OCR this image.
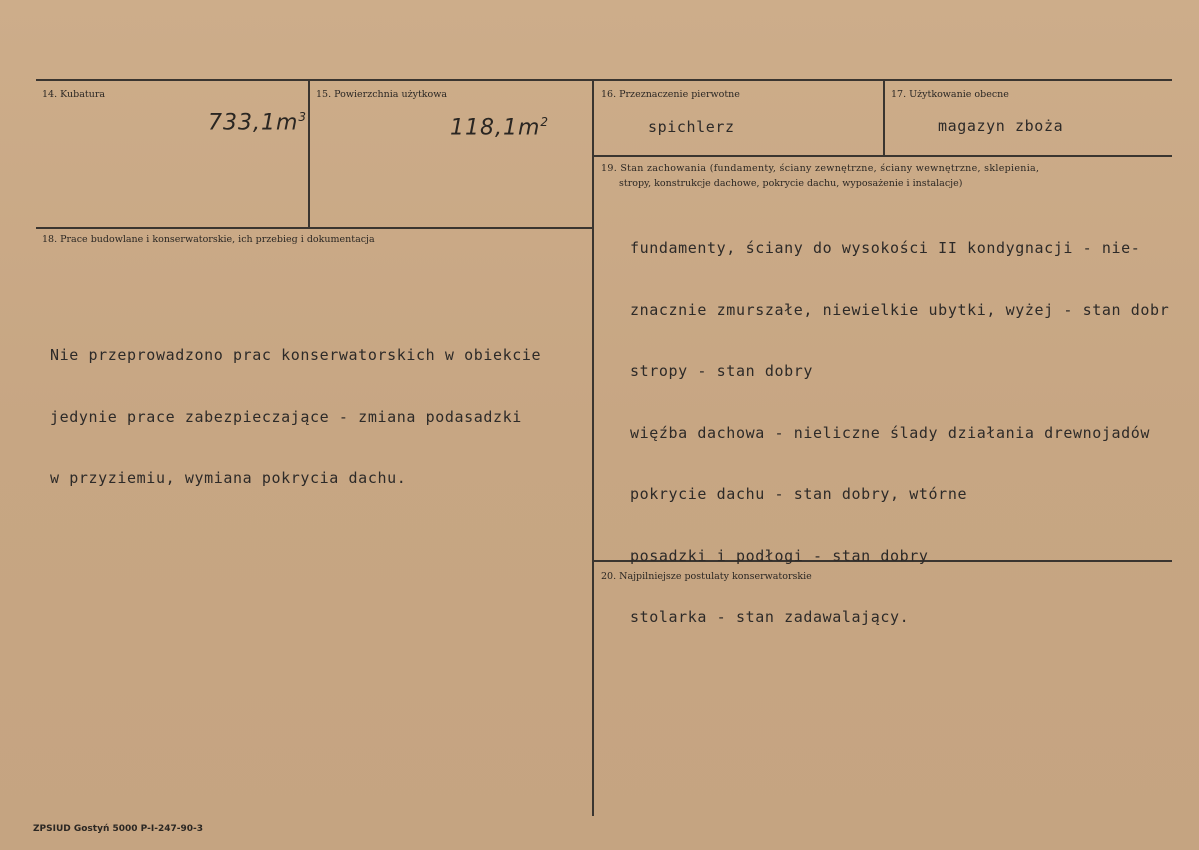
14. Kubatura
$733,1m^3$
15. Powierzchnia użytkowa
$118,1m^2$
16. Przeznaczenie pierwotne
spichlerz
17. Użytkowanie obecne
magazyn zboża
18. Prace budowlane i konserwatorskie, ich przebieg i dokumentacja

Nie przeprowadzono prac konserwatorskich w obiekcie

jedynie prace zabezpieczające - zmiana podasadzki

w przyziemiu, wymiana pokrycia dachu.

19. Stan zachowania (fundamenty, ściany zewnętrzne, ściany wewnętrzne, sklepienia,
stropy, konstrukcje dachowe, pokrycie dachu, wyposażenie i instalacje)

fundamenty, ściany do wysokości II kondygnacji - nie-

znacznie zmurszałe, niewielkie ubytki, wyżej - stan dobr

stropy - stan dobry

więźba dachowa - nieliczne ślady działania drewnojadów

pokrycie dachu - stan dobry, wtórne

posadzki i podłogi - stan dobry

stolarka - stan zadawalający.

20. Najpilniejsze postulaty konserwatorskie
ZPSIUD Gostyń 5000 P-I-247-90-3
